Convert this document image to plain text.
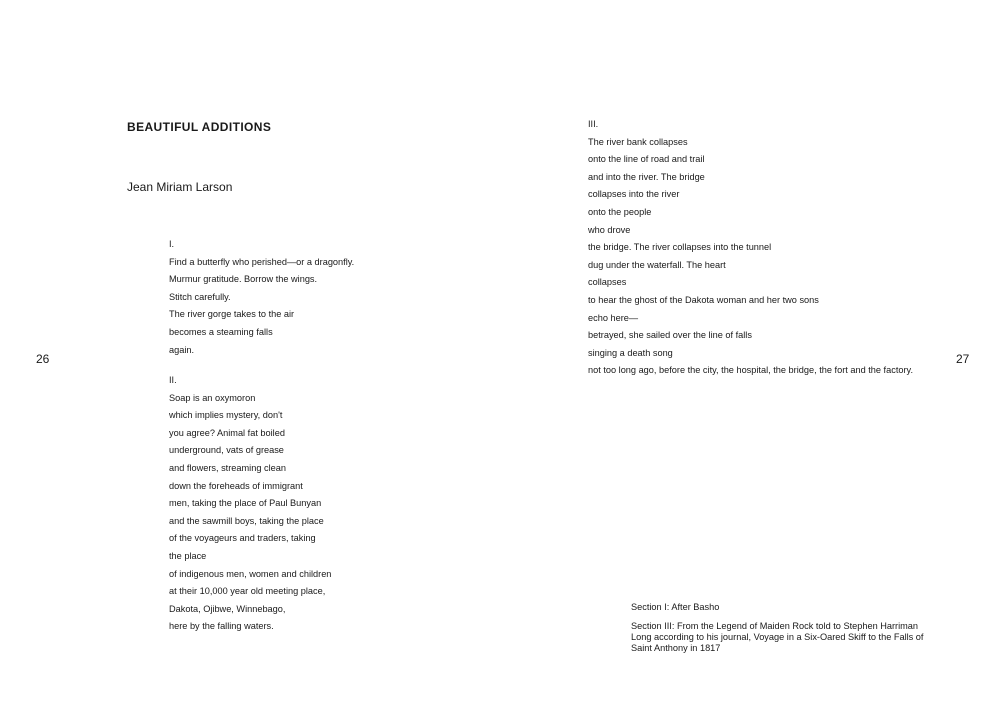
BEAUTIFUL ADDITIONS

Jean Miriam Larson

I.
Find a butterfly who perished—or a dragonfly.
Murmur gratitude. Borrow the wings.
Stitch carefully.
The river gorge takes to the air
becomes a steaming falls
again.
II.
Soap is an oxymoron
which implies mystery, don't
you agree? Animal fat boiled
underground, vats of grease
and flowers, streaming clean
down the foreheads of immigrant
men, taking the place of Paul Bunyan
and the sawmill boys, taking the place
of the voyageurs and traders, taking
the place
of indigenous men, women and children
at their 10,000 year old meeting place,
Dakota, Ojibwe, Winnebago,
here by the falling waters.
26
III.
The river bank collapses
onto the line of road and trail
and into the river. The bridge
collapses into the river
onto the people
who drove
the bridge. The river collapses into the tunnel
dug under the waterfall. The heart
collapses
to hear the ghost of the Dakota woman and her two sons
echo here—
betrayed, she sailed over the line of falls
singing a death song
not too long ago, before the city, the hospital, the bridge, the fort and the factory.

Section I: After Basho

Section III: From the Legend of Maiden Rock told to Stephen Harriman Long according to his journal, Voyage in a Six-Oared Skiff to the Falls of Saint Anthony in 1817

27
